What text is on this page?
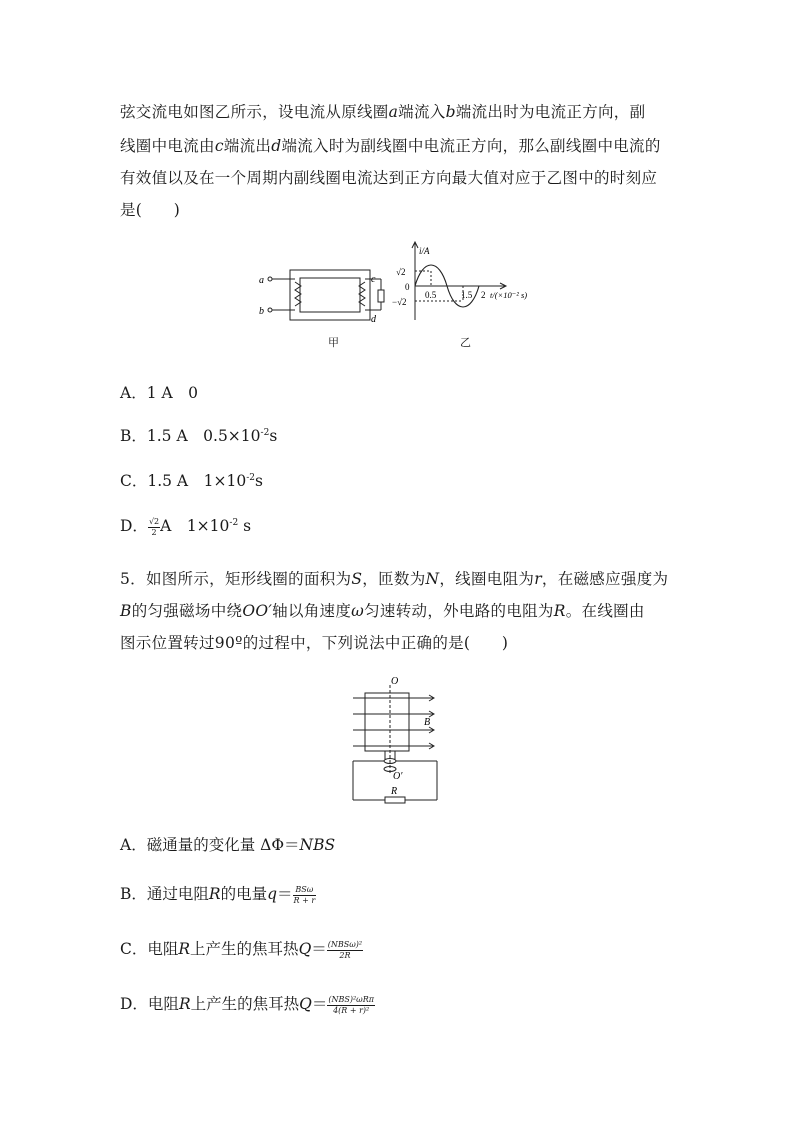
弦交流电如图乙所示，设电流从原线圈a端流入b端流出时为电流正方向，副
线圈中电流由c端流出d端流入时为副线圈中电流正方向，那么副线圈中电流的
有效值以及在一个周期内副线圈电流达到正方向最大值对应于乙图中的时刻应
是(　　)
a
b
c
d
i/A
√2
0
−√2
0.5	1.5 2 t/(×10⁻² s)
甲	乙
A．1 A　0
B．1.5 A　$0.5\times 10^{-2}s$
C．1.5 A　$1\times 10^{-2}s$
D． $\frac{√2}{2}$ A　$1\times 10^{-2}$ s
5．如图所示，矩形线圈的面积为S，匝数为N，线圈电阻为r，在磁感应强度为
B的匀强磁场中绕OO′轴以角速度ω匀速转动，外电路的电阻为R。在线圈由
图示位置转过90º的过程中，下列说法中正确的是(　　)
O
O′
B
R
A．磁通量的变化量 ΔΦ＝NBS
B．通过电阻R的电量$q= \frac{\text{BSω}}{R + r}$
C．电阻R上产生的焦耳热$Q= \frac{\text{(NBSω)²}}{2R}$
D．电阻R上产生的焦耳热$Q= \frac{\text{(NBS)²ωRπ}}{\text{4(R + r)²}}$
